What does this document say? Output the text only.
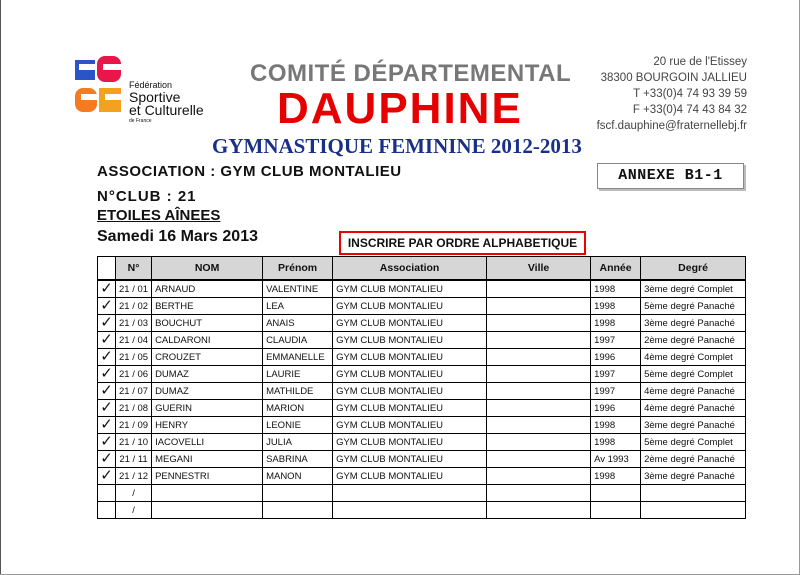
Fédération
Sportive
et Culturelle
de France
COMITÉ DÉPARTEMENTAL
DAUPHINE
GYMNASTIQUE FEMININE 2012-2013
20 rue de l'Etissey
38300 BOURGOIN JALLIEU
T +33(0)4 74 93 39 59
F +33(0)4 74 43 84 32
fscf.dauphine@fraternellebj.fr
ASSOCIATION : GYM CLUB MONTALIEU
N°CLUB : 21
ETOILES AÎNEES
Samedi 16 Mars 2013
ANNEXE B1-1
INSCRIRE PAR ORDRE ALPHABETIQUE
	N°	NOM	Prénom	Association	Ville	Année	Degré
✓	21 / 01	ARNAUD	VALENTINE	GYM CLUB MONTALIEU		1998	3ème degré Complet
✓	21 / 02	BERTHE	LEA	GYM CLUB MONTALIEU		1998	5ème degré Panaché
✓	21 / 03	BOUCHUT	ANAIS	GYM CLUB MONTALIEU		1998	3ème degré Panaché
✓	21 / 04	CALDARONI	CLAUDIA	GYM CLUB MONTALIEU		1997	2ème degré Panaché
✓	21 / 05	CROUZET	EMMANELLE	GYM CLUB MONTALIEU		1996	4ème degré Complet
✓	21 / 06	DUMAZ	LAURIE	GYM CLUB MONTALIEU		1997	5ème degré Complet
✓	21 / 07	DUMAZ	MATHILDE	GYM CLUB MONTALIEU		1997	4ème degré Panaché
✓	21 / 08	GUERIN	MARION	GYM CLUB MONTALIEU		1996	4ème degré Panaché
✓	21 / 09	HENRY	LEONIE	GYM CLUB MONTALIEU		1998	3ème degré Panaché
✓	21 / 10	IACOVELLI	JULIA	GYM CLUB MONTALIEU		1998	5ème degré Complet
✓	21 / 11	MEGANI	SABRINA	GYM CLUB MONTALIEU		Av 1993	2ème degré Panaché
✓	21 / 12	PENNESTRI	MANON	GYM CLUB MONTALIEU		1998	3ème degré Panaché
	/						
	/						
